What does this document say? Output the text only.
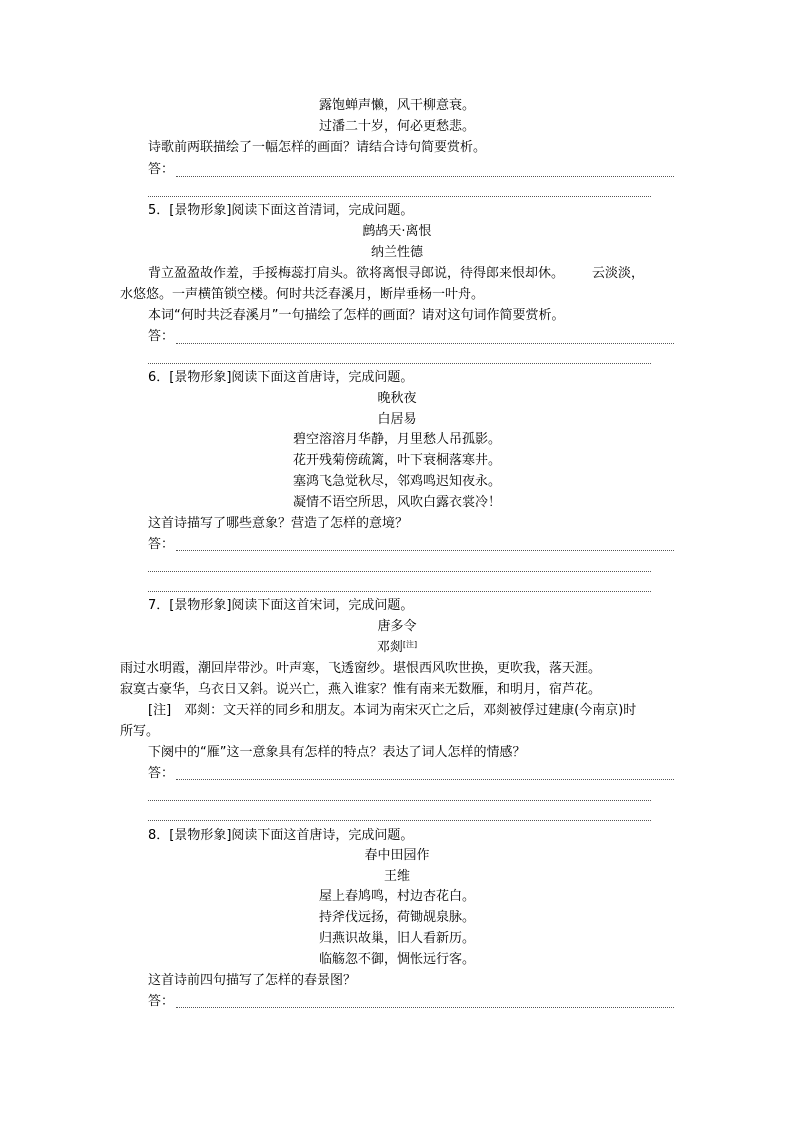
露饱蝉声懒，风干柳意衰。
过潘二十岁，何必更愁悲。
诗歌前两联描绘了一幅怎样的画面？请结合诗句简要赏析。
答：
5．[景物形象]阅读下面这首清词，完成问题。
鹧鸪天·离恨
纳兰性德
背立盈盈故作羞，手挼梅蕊打肩头。欲将离恨寻郎说，待得郎来恨却休。 云淡淡，
水悠悠。一声横笛锁空楼。何时共泛春溪月，断岸垂杨一叶舟。
本词“何时共泛春溪月”一句描绘了怎样的画面？请对这句词作简要赏析。
答：
6．[景物形象]阅读下面这首唐诗，完成问题。
晚秋夜
白居易
碧空溶溶月华静，月里愁人吊孤影。
花开残菊傍疏篱，叶下衰桐落寒井。
塞鸿飞急觉秋尽，邻鸡鸣迟知夜永。
凝情不语空所思，风吹白露衣裳冷！
这首诗描写了哪些意象？营造了怎样的意境？
答：
7．[景物形象]阅读下面这首宋词，完成问题。
唐多令
邓剡[注]
雨过水明霞，潮回岸带沙。叶声寒，飞透窗纱。堪恨西风吹世换，更吹我，落天涯。
寂寞古豪华，乌衣日又斜。说兴亡，燕入谁家？惟有南来无数雁，和明月，宿芦花。
[注]　邓剡：文天祥的同乡和朋友。本词为南宋灭亡之后，邓剡被俘过建康(今南京)时
所写。
下阕中的“雁”这一意象具有怎样的特点？表达了词人怎样的情感？
答：
8．[景物形象]阅读下面这首唐诗，完成问题。
春中田园作
王维
屋上春鸠鸣，村边杏花白。
持斧伐远扬，荷锄觇泉脉。
归燕识故巢，旧人看新历。
临觞忽不御，惆怅远行客。
这首诗前四句描写了怎样的春景图？
答：
